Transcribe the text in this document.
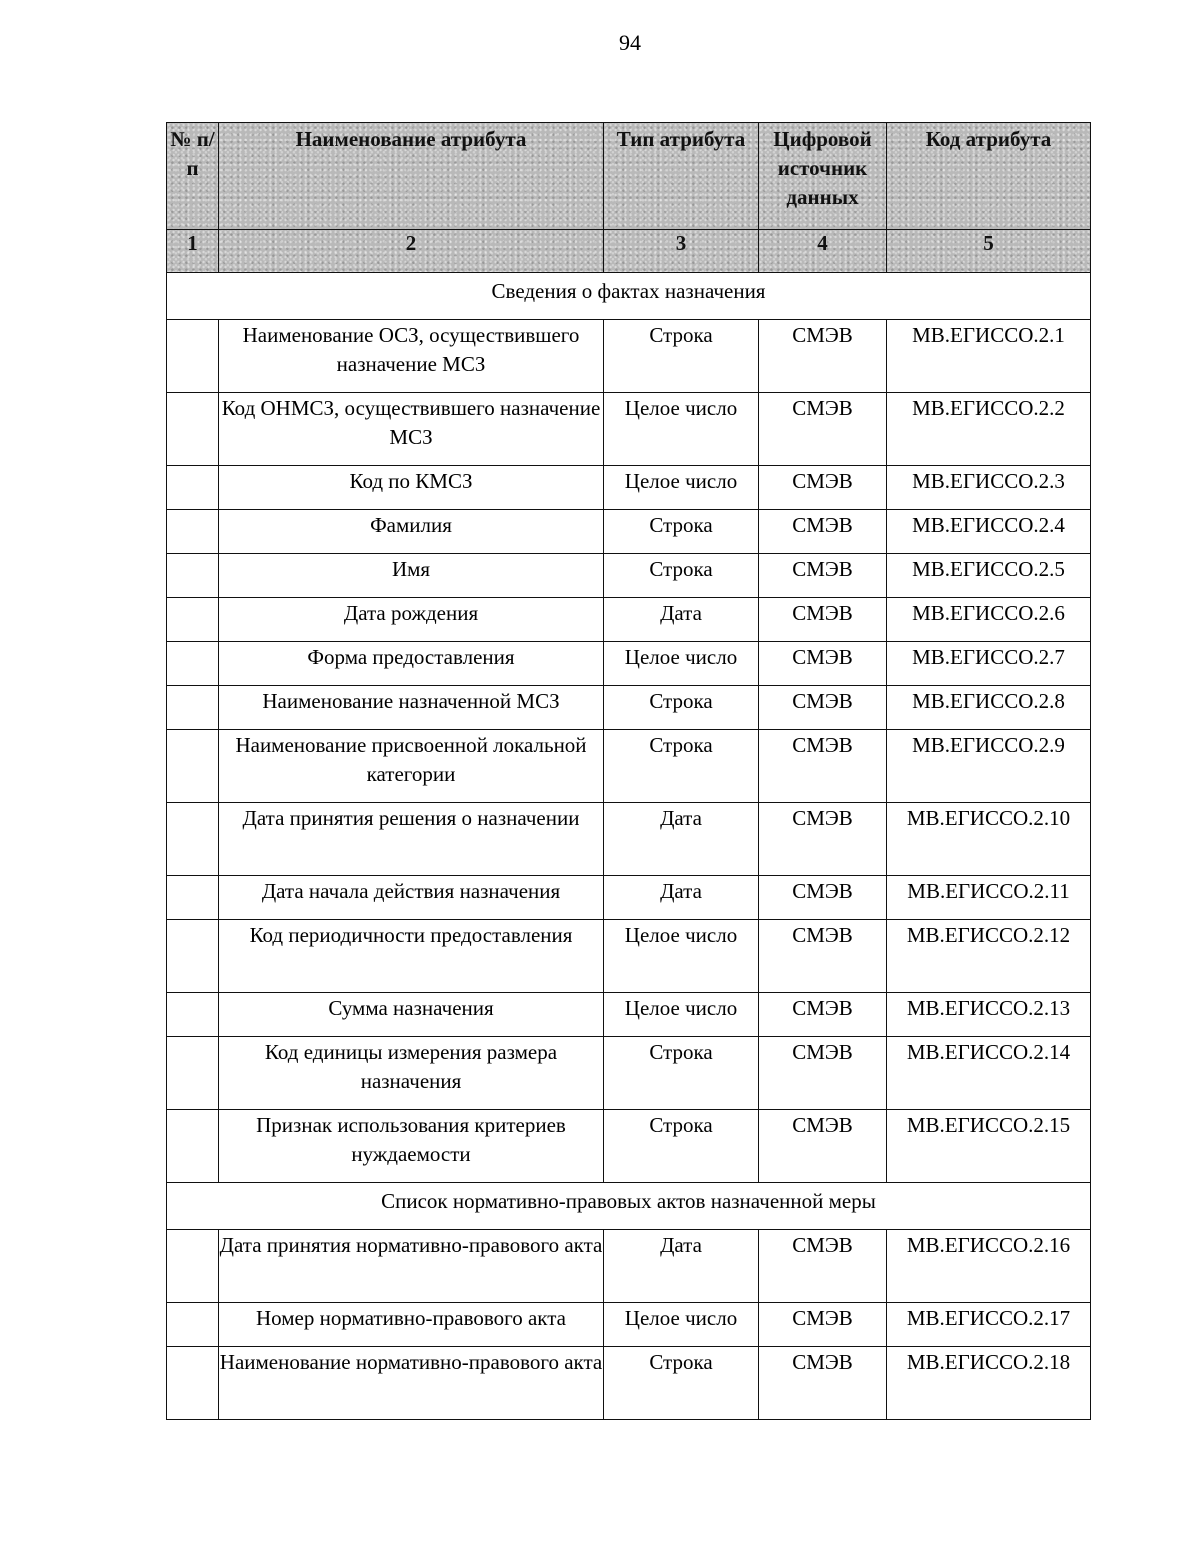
94
№ п/ п	Наименование атрибута	Тип атрибута	Цифровой источник данных	Код атрибута
1	2	3	4	5
Сведения о фактах назначения				
	Наименование ОСЗ, осуществившего назначение МСЗ	Строка	СМЭВ	МВ.ЕГИССО.2.1
	Код ОНМСЗ, осуществившего назначение МСЗ	Целое число	СМЭВ	МВ.ЕГИССО.2.2
	Код по КМСЗ	Целое число	СМЭВ	МВ.ЕГИССО.2.3
	Фамилия	Строка	СМЭВ	МВ.ЕГИССО.2.4
	Имя	Строка	СМЭВ	МВ.ЕГИССО.2.5
	Дата рождения	Дата	СМЭВ	МВ.ЕГИССО.2.6
	Форма предоставления	Целое число	СМЭВ	МВ.ЕГИССО.2.7
	Наименование назначенной МСЗ	Строка	СМЭВ	МВ.ЕГИССО.2.8
	Наименование присвоенной локальной категории	Строка	СМЭВ	МВ.ЕГИССО.2.9
	Дата принятия решения о назначении	Дата	СМЭВ	МВ.ЕГИССО.2.10
	Дата начала действия назначения	Дата	СМЭВ	МВ.ЕГИССО.2.11
	Код периодичности предоставления	Целое число	СМЭВ	МВ.ЕГИССО.2.12
	Сумма назначения	Целое число	СМЭВ	МВ.ЕГИССО.2.13
	Код единицы измерения размера назначения	Строка	СМЭВ	МВ.ЕГИССО.2.14
	Признак использования критериев нуждаемости	Строка	СМЭВ	МВ.ЕГИССО.2.15
Список нормативно-правовых актов назначенной меры				
	Дата принятия нормативно-правового акта	Дата	СМЭВ	МВ.ЕГИССО.2.16
	Номер нормативно-правового акта	Целое число	СМЭВ	МВ.ЕГИССО.2.17
	Наименование нормативно-правового акта	Строка	СМЭВ	МВ.ЕГИССО.2.18
